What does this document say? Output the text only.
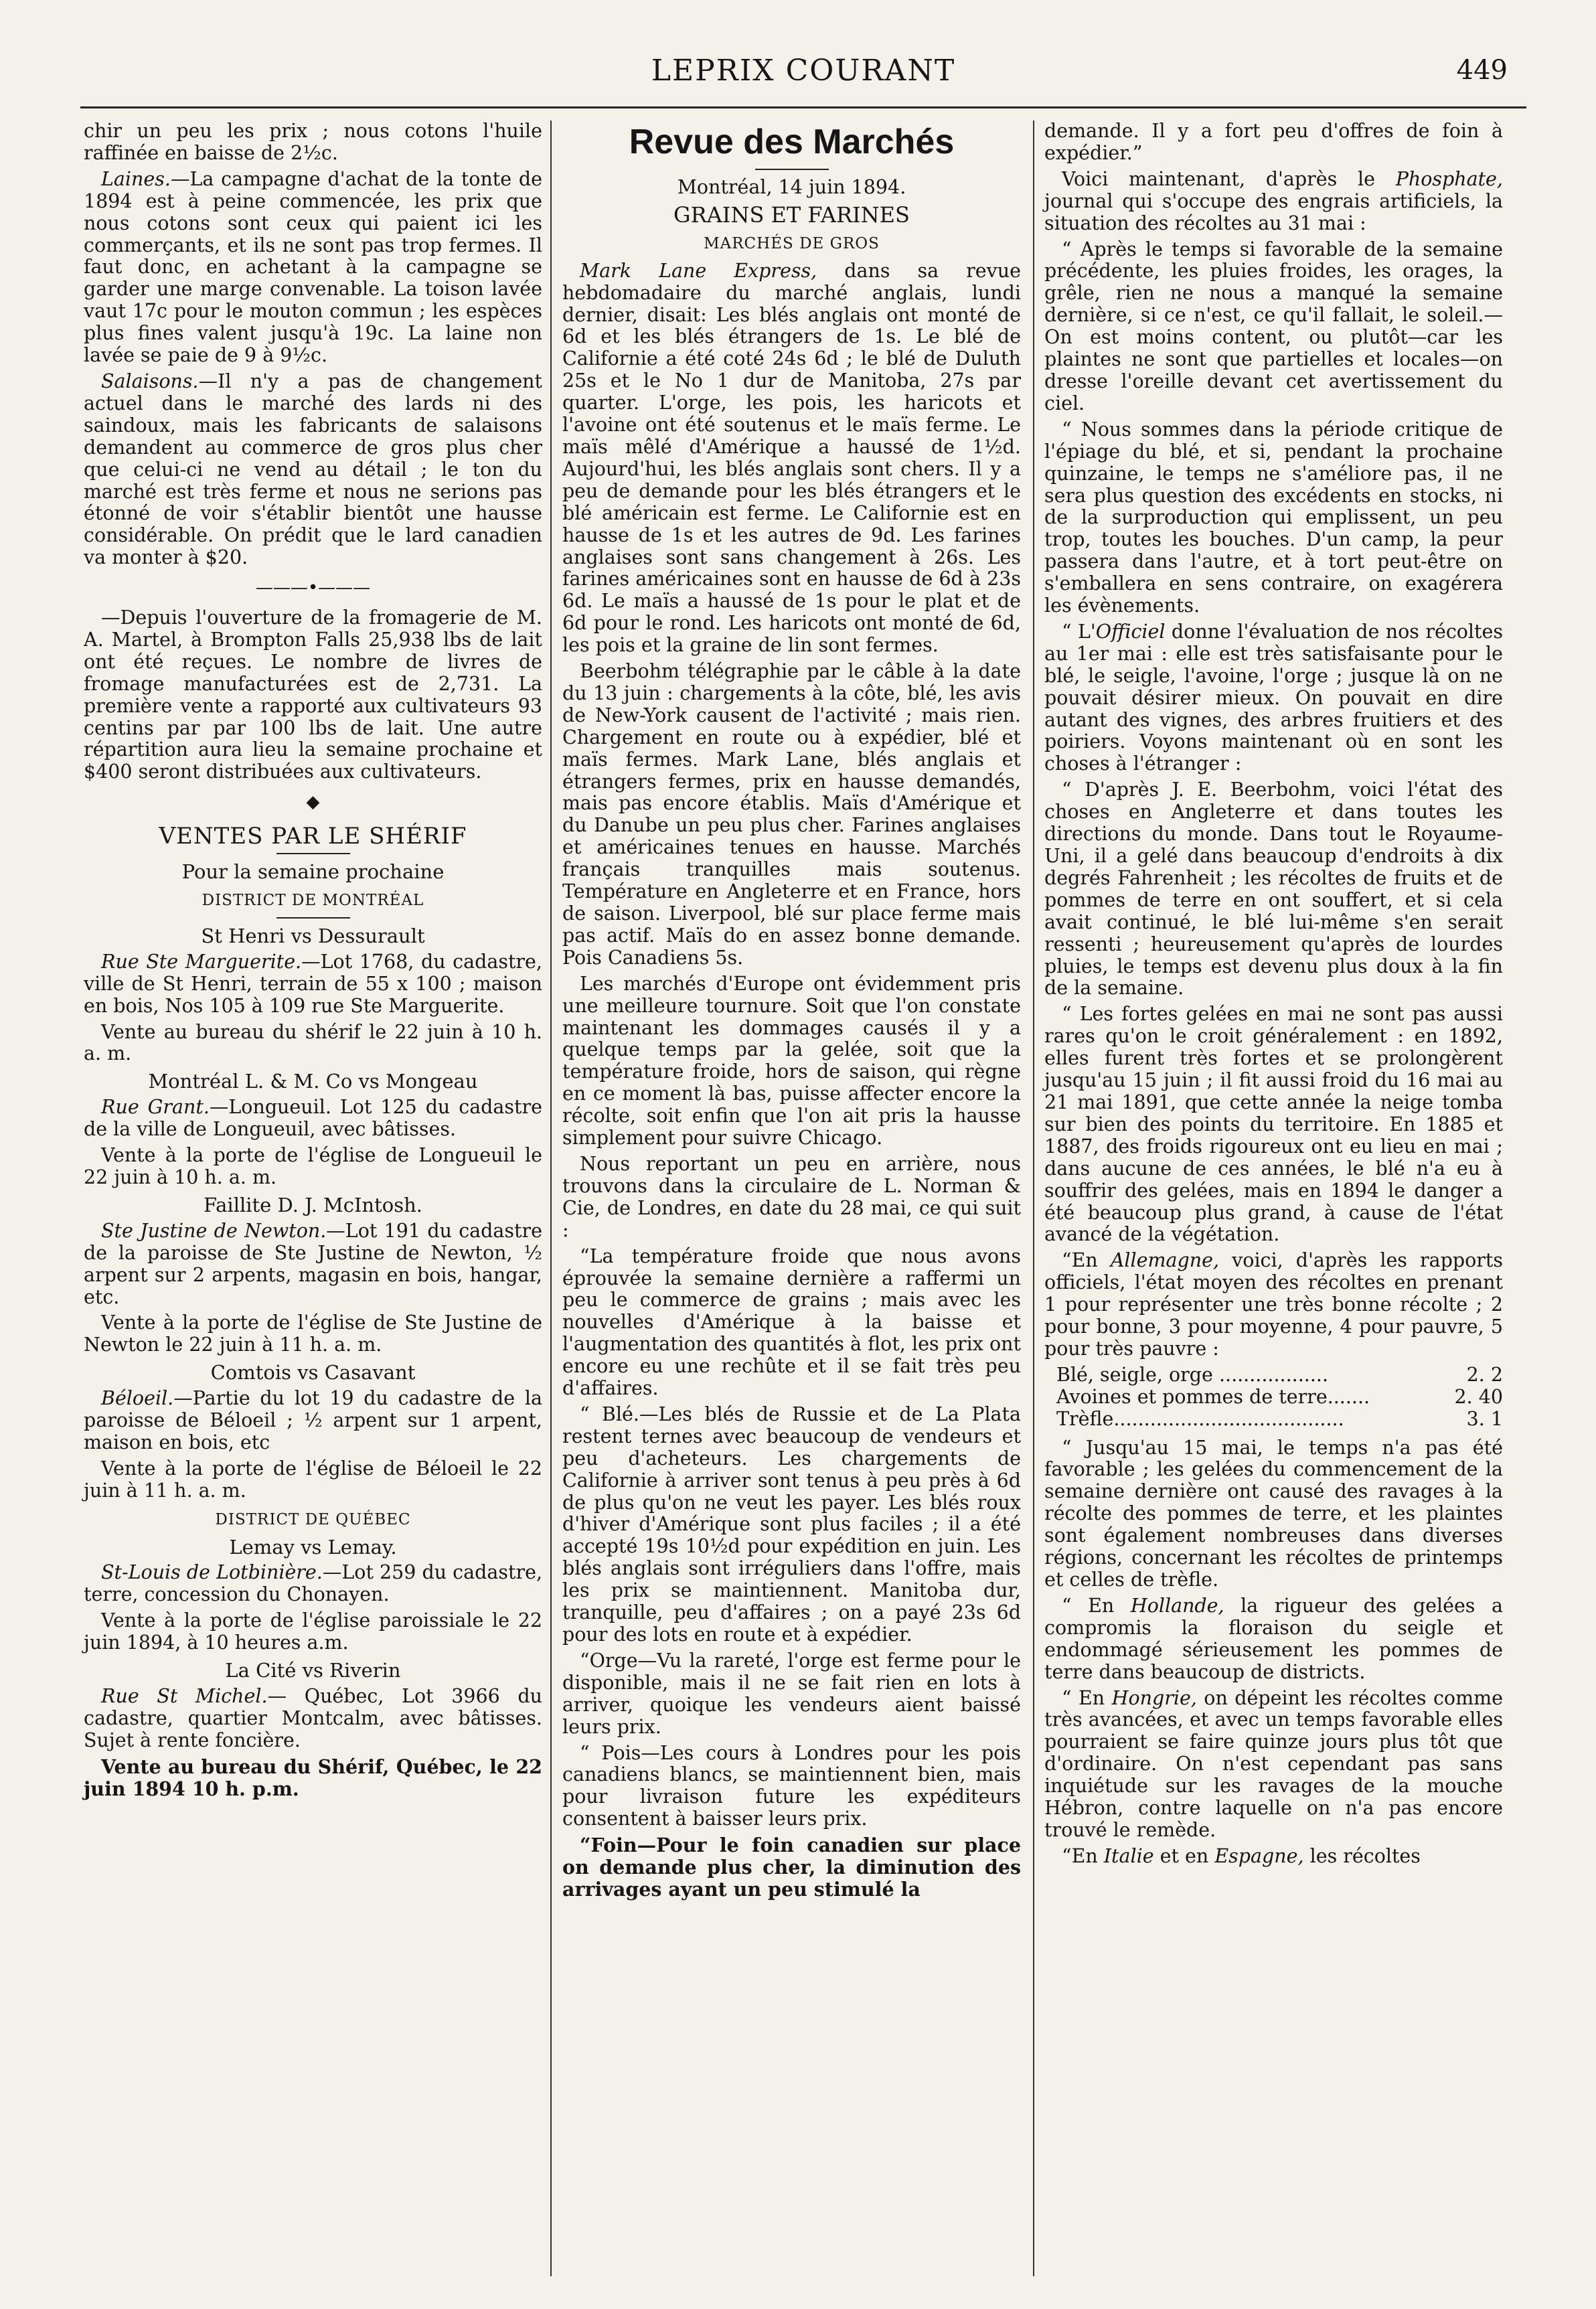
LEPRIX COURANT	449

chir un peu les prix ; nous cotons l'huile raffinée en baisse de 2½c.

Laines.—La campagne d'achat de la tonte de 1894 est à peine commencée, les prix que nous cotons sont ceux qui paient ici les commerçants, et ils ne sont pas trop fermes. Il faut donc, en achetant à la campagne se garder une marge convenable. La toison lavée vaut 17c pour le mouton commun ; les espèces plus fines valent jusqu'à 19c. La laine non lavée se paie de 9 à 9½c.

Salaisons.—Il n'y a pas de changement actuel dans le marché des lards ni des saindoux, mais les fabricants de salaisons demandent au commerce de gros plus cher que celui-ci ne vend au détail ; le ton du marché est très ferme et nous ne serions pas étonné de voir s'établir bientôt une hausse considérable. On prédit que le lard canadien va monter à $20.

———•———

—Depuis l'ouverture de la fromagerie de M. A. Martel, à Brompton Falls 25,938 lbs de lait ont été reçues. Le nombre de livres de fromage manufacturées est de 2,731. La première vente a rapporté aux cultivateurs 93 centins par par 100 lbs de lait. Une autre répartition aura lieu la semaine prochaine et $400 seront distribuées aux cultivateurs.

◆
VENTES PAR LE SHÉRIF
Pour la semaine prochaine
DISTRICT DE MONTRÉAL
St Henri vs Dessurault

Rue Ste Marguerite.—Lot 1768, du cadastre, ville de St Henri, terrain de 55 x 100 ; maison en bois, Nos 105 à 109 rue Ste Marguerite.

Vente au bureau du shérif le 22 juin à 10 h. a. m.

Montréal L. & M. Co vs Mongeau

Rue Grant.—Longueuil. Lot 125 du cadastre de la ville de Longueuil, avec bâtisses.

Vente à la porte de l'église de Longueuil le 22 juin à 10 h. a. m.

Faillite D. J. McIntosh.

Ste Justine de Newton.—Lot 191 du cadastre de la paroisse de Ste Justine de Newton, ½ arpent sur 2 arpents, magasin en bois, hangar, etc.

Vente à la porte de l'église de Ste Justine de Newton le 22 juin à 11 h. a. m.

Comtois vs Casavant

Béloeil.—Partie du lot 19 du cadastre de la paroisse de Béloeil ; ½ arpent sur 1 arpent, maison en bois, etc

Vente à la porte de l'église de Béloeil le 22 juin à 11 h. a. m.

DISTRICT DE QUÉBEC
Lemay vs Lemay.

St-Louis de Lotbinière.—Lot 259 du cadastre, terre, concession du Chonayen.

Vente à la porte de l'église paroissiale le 22 juin 1894, à 10 heures a.m.

La Cité vs Riverin

Rue St Michel.— Québec, Lot 3966 du cadastre, quartier Montcalm, avec bâtisses. Sujet à rente foncière.

Vente au bureau du Shérif, Québec, le 22 juin 1894 10 h. p.m.

Revue des Marchés

Montréal, 14 juin 1894.

GRAINS ET FARINES
MARCHÉS DE GROS

Mark Lane Express, dans sa revue hebdomadaire du marché anglais, lundi dernier, disait: Les blés anglais ont monté de 6d et les blés étrangers de 1s. Le blé de Californie a été coté 24s 6d ; le blé de Duluth 25s et le No 1 dur de Manitoba, 27s par quarter. L'orge, les pois, les haricots et l'avoine ont été soutenus et le maïs ferme. Le maïs mêlé d'Amérique a haussé de 1½d. Aujourd'hui, les blés anglais sont chers. Il y a peu de demande pour les blés étrangers et le blé américain est ferme. Le Californie est en hausse de 1s et les autres de 9d. Les farines anglaises sont sans changement à 26s. Les farines américaines sont en hausse de 6d à 23s 6d. Le maïs a haussé de 1s pour le plat et de 6d pour le rond. Les haricots ont monté de 6d, les pois et la graine de lin sont fermes.

Beerbohm télégraphie par le câble à la date du 13 juin : chargements à la côte, blé, les avis de New-York causent de l'activité ; mais rien. Chargement en route ou à expédier, blé et maïs fermes. Mark Lane, blés anglais et étrangers fermes, prix en hausse demandés, mais pas encore établis. Maïs d'Amérique et du Danube un peu plus cher. Farines anglaises et américaines tenues en hausse. Marchés français tranquilles mais soutenus. Température en Angleterre et en France, hors de saison. Liverpool, blé sur place ferme mais pas actif. Maïs do en assez bonne demande. Pois Canadiens 5s.

Les marchés d'Europe ont évidemment pris une meilleure tournure. Soit que l'on constate maintenant les dommages causés il y a quelque temps par la gelée, soit que la température froide, hors de saison, qui règne en ce moment là bas, puisse affecter encore la récolte, soit enfin que l'on ait pris la hausse simplement pour suivre Chicago.

Nous reportant un peu en arrière, nous trouvons dans la circulaire de L. Norman & Cie, de Londres, en date du 28 mai, ce qui suit :

“La température froide que nous avons éprouvée la semaine dernière a raffermi un peu le commerce de grains ; mais avec les nouvelles d'Amérique à la baisse et l'augmentation des quantités à flot, les prix ont encore eu une rechûte et il se fait très peu d'affaires.

“ Blé.—Les blés de Russie et de La Plata restent ternes avec beaucoup de vendeurs et peu d'acheteurs. Les chargements de Californie à arriver sont tenus à peu près à 6d de plus qu'on ne veut les payer. Les blés roux d'hiver d'Amérique sont plus faciles ; il a été accepté 19s 10½d pour expédition en juin. Les blés anglais sont irréguliers dans l'offre, mais les prix se maintiennent. Manitoba dur, tranquille, peu d'affaires ; on a payé 23s 6d pour des lots en route et à expédier.

“Orge—Vu la rareté, l'orge est ferme pour le disponible, mais il ne se fait rien en lots à arriver, quoique les vendeurs aient baissé leurs prix.

“ Pois—Les cours à Londres pour les pois canadiens blancs, se maintiennent bien, mais pour livraison future les expéditeurs consentent à baisser leurs prix.

“Foin—Pour le foin canadien sur place on demande plus cher, la diminution des arrivages ayant un peu stimulé la

demande. Il y a fort peu d'offres de foin à expédier.”

Voici maintenant, d'après le Phosphate, journal qui s'occupe des engrais artificiels, la situation des récoltes au 31 mai :

“ Après le temps si favorable de la semaine précédente, les pluies froides, les orages, la grêle, rien ne nous a manqué la semaine dernière, si ce n'est, ce qu'il fallait, le soleil.—On est moins content, ou plutôt—car les plaintes ne sont que partielles et locales—on dresse l'oreille devant cet avertissement du ciel.

“ Nous sommes dans la période critique de l'épiage du blé, et si, pendant la prochaine quinzaine, le temps ne s'améliore pas, il ne sera plus question des excédents en stocks, ni de la surproduction qui emplissent, un peu trop, toutes les bouches. D'un camp, la peur passera dans l'autre, et à tort peut-être on s'emballera en sens contraire, on exagérera les évènements.

“ L'Officiel donne l'évaluation de nos récoltes au 1er mai : elle est très satisfaisante pour le blé, le seigle, l'avoine, l'orge ; jusque là on ne pouvait désirer mieux. On pouvait en dire autant des vignes, des arbres fruitiers et des poiriers. Voyons maintenant où en sont les choses à l'étranger :

“ D'après J. E. Beerbohm, voici l'état des choses en Angleterre et dans toutes les directions du monde. Dans tout le Royaume-Uni, il a gelé dans beaucoup d'endroits à dix degrés Fahrenheit ; les récoltes de fruits et de pommes de terre en ont souffert, et si cela avait continué, le blé lui-même s'en serait ressenti ; heureusement qu'après de lourdes pluies, le temps est devenu plus doux à la fin de la semaine.

“ Les fortes gelées en mai ne sont pas aussi rares qu'on le croit généralement : en 1892, elles furent très fortes et se prolongèrent jusqu'au 15 juin ; il fit aussi froid du 16 mai au 21 mai 1891, que cette année la neige tomba sur bien des points du territoire. En 1885 et 1887, des froids rigoureux ont eu lieu en mai ; dans aucune de ces années, le blé n'a eu à souffrir des gelées, mais en 1894 le danger a été beaucoup plus grand, à cause de l'état avancé de la végétation.

“En Allemagne, voici, d'après les rapports officiels, l'état moyen des récoltes en prenant 1 pour représenter une très bonne récolte ; 2 pour bonne, 3 pour moyenne, 4 pour pauvre, 5 pour très pauvre :

Blé, seigle, orge ..................	2. 2
Avoines et pommes de terre.......	2. 40
Trèfle......................................	3. 1

“ Jusqu'au 15 mai, le temps n'a pas été favorable ; les gelées du commencement de la semaine dernière ont causé des ravages à la récolte des pommes de terre, et les plaintes sont également nombreuses dans diverses régions, concernant les récoltes de printemps et celles de trèfle.

“ En Hollande, la rigueur des gelées a compromis la floraison du seigle et endommagé sérieusement les pommes de terre dans beaucoup de districts.

“ En Hongrie, on dépeint les récoltes comme très avancées, et avec un temps favorable elles pourraient se faire quinze jours plus tôt que d'ordinaire. On n'est cependant pas sans inquiétude sur les ravages de la mouche Hébron, contre laquelle on n'a pas encore trouvé le remède.

“En Italie et en Espagne, les récoltes
